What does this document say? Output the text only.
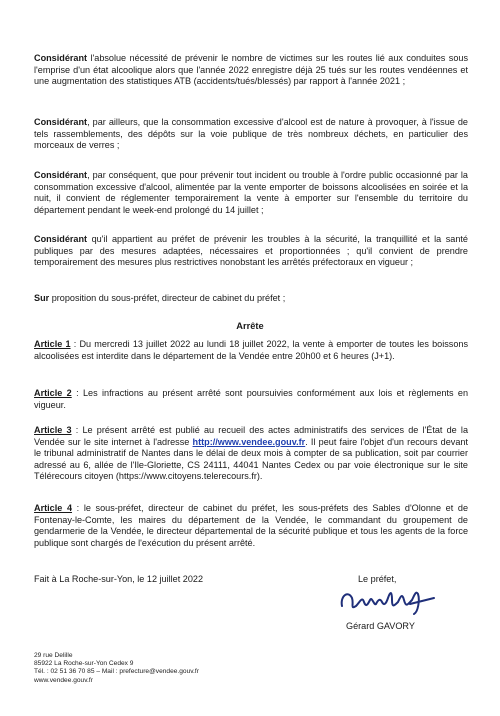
Considérant l'absolue nécessité de prévenir le nombre de victimes sur les routes lié aux conduites sous l'emprise d'un état alcoolique alors que l'année 2022 enregistre déjà 25 tués sur les routes vendéennes et une augmentation des statistiques ATB (accidents/tués/blessés) par rapport à l'année 2021 ;

Considérant, par ailleurs, que la consommation excessive d'alcool est de nature à provoquer, à l'issue de tels rassemblements, des dépôts sur la voie publique de très nombreux déchets, en particulier des morceaux de verres ;

Considérant, par conséquent, que pour prévenir tout incident ou trouble à l'ordre public occasionné par la consommation excessive d'alcool, alimentée par la vente emporter de boissons alcoolisées en soirée et la nuit, il convient de réglementer temporairement la vente à emporter sur l'ensemble du territoire du département pendant le week-end prolongé du 14 juillet ;

Considérant qu'il appartient au préfet de prévenir les troubles à la sécurité, la tranquillité et la santé publiques par des mesures adaptées, nécessaires et proportionnées ; qu'il convient de prendre temporairement des mesures plus restrictives nonobstant les arrêtés préfectoraux en vigueur ;

Sur proposition du sous-préfet, directeur de cabinet du préfet ;

Arrête

Article 1 : Du mercredi 13 juillet 2022 au lundi 18 juillet 2022, la vente à emporter de toutes les boissons alcoolisées est interdite dans le département de la Vendée entre 20h00 et 6 heures (J+1).

Article 2 : Les infractions au présent arrêté sont poursuivies conformément aux lois et règlements en vigueur.

Article 3 : Le présent arrêté est publié au recueil des actes administratifs des services de l'État de la Vendée sur le site internet à l'adresse http://www.vendee.gouv.fr. Il peut faire l'objet d'un recours devant le tribunal administratif de Nantes dans le délai de deux mois à compter de sa publication, soit par courrier adressé au 6, allée de l'Ile-Gloriette, CS 24111, 44041 Nantes Cedex ou par voie électronique sur le site Télérecours citoyen (https://www.citoyens.telerecours.fr).

Article 4 : le sous-préfet, directeur de cabinet du préfet, les sous-préfets des Sables d'Olonne et de Fontenay-le-Comte, les maires du département de la Vendée, le commandant du groupement de gendarmerie de la Vendée, le directeur départemental de la sécurité publique et tous les agents de la force publique sont chargés de l'exécution du présent arrêté.

Fait à La Roche-sur-Yon, le 12 juillet 2022	Le préfet,

Gérard GAVORY

29 rue Delille
85922 La Roche-sur-Yon Cedex 9
Tél. : 02 51 36 70 85 – Mail : prefecture@vendee.gouv.fr
www.vendee.gouv.fr
